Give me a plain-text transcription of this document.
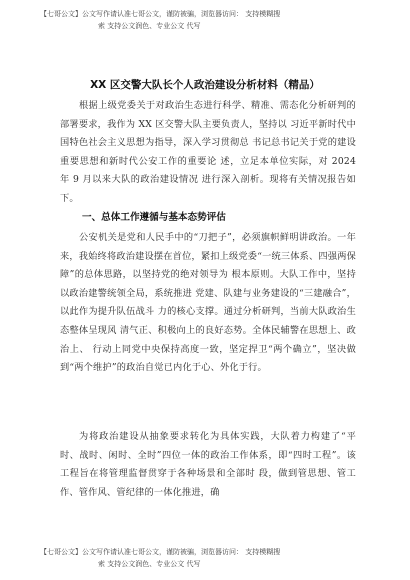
【七哥公文】公文写作请认准七哥公文，谨防被骗，浏览器访问： 支持模糊搜
索 支持公文润色、专业公文 代写
XX 区交警大队长个人政治建设分析材料（精品）

根据上级党委关于对政治生态进行科学、精准、需态化分析研判的部署要求，我作为 XX 区交警大队主要负责人，坚持以 习近平新时代中国特色社会主义思想为指导，深入学习贯彻总 书记总书记关于党的建设重要思想和新时代公安工作的重要论 述，立足本单位实际，对 2024 年 9 月以来大队的政治建设情况 进行深入剖析。现将有关情况报告如下。

一、总体工作遵循与基本态势评估

公安机关是党和人民手中的“刀把子”，必须旗帜鲜明讲政治。一年来，我始终将政治建设摆在首位，紧扣上级党委“一统三体系、四强两保障”的总体思路，以坚持党的绝对领导为 根本原则。大队工作中，坚持以政治建警统领全局，系统推进 党建、队建与业务建设的“三建融合”，以此作为提升队伍战斗 力的核心支撑。通过分析研判，当前大队政治生态整体呈现风 清气正、积极向上的良好态势。全体民辅警在思想上、政治上、 行动上同党中央保持高度一致，坚定捍卫“两个确立”，坚决做 到“两个维护”的政治自觉已内化于心、外化于行。

为将政治建设从抽象要求转化为具体实践，大队着力构建了“平时、战时、闲时、全时”四位一体的政治工作体系，即“四时工程”。该工程旨在将管理监督贯穿于各种场景和全部时 段，做到管思想、管工作、管作风、管纪律的一体化推进，确

【七哥公文】公文写作请认准七哥公文，谨防被骗，浏览器访问： 支持模糊搜
索 支持公文润色、专业公文 代写
